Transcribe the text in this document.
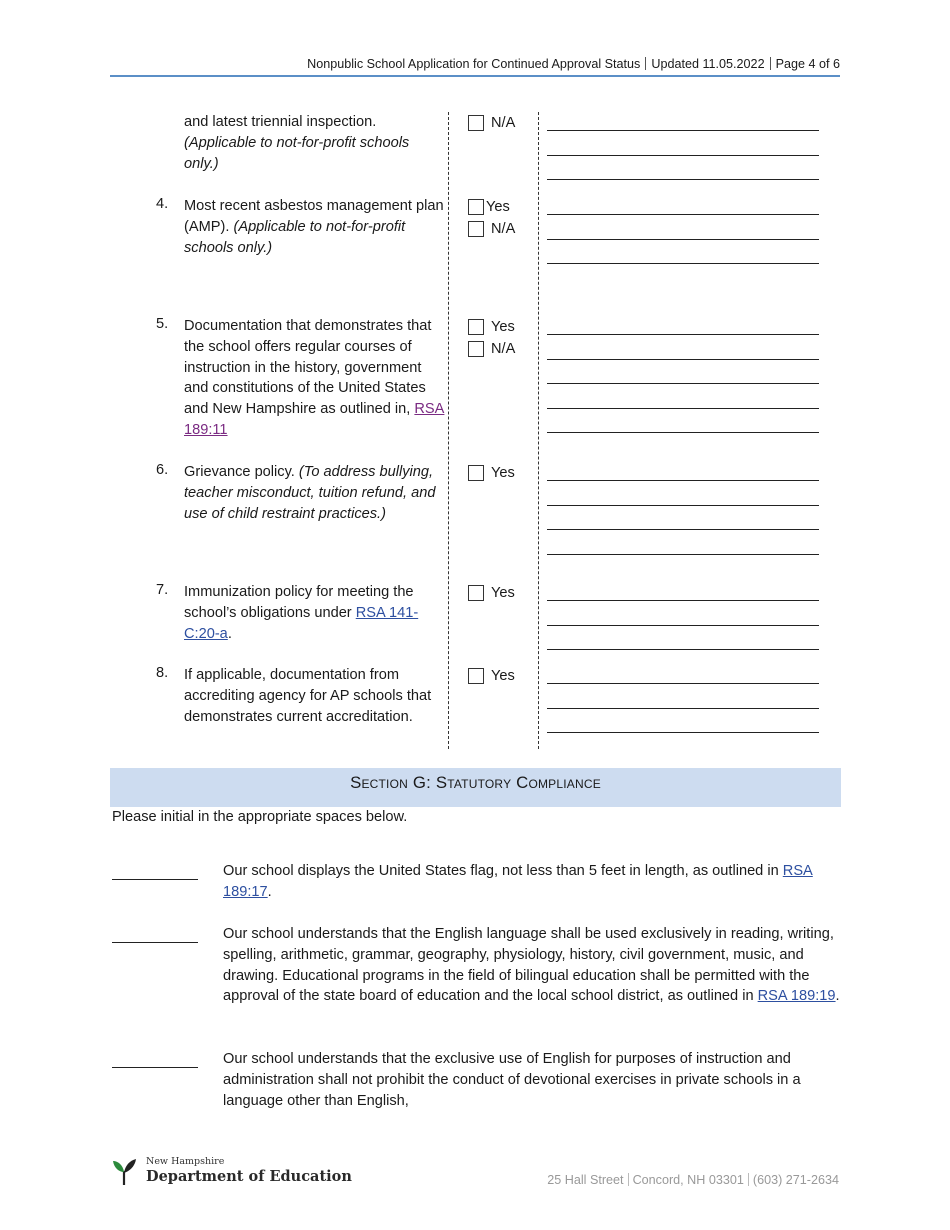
Nonpublic School Application for Continued Approval Status Updated 11.05.2022 Page 4 of 6
and latest triennial inspection. (Applicable to not-for-profit schools only.)
N/A
4. Most recent asbestos management plan (AMP). (Applicable to not-for-profit schools only.)
Yes
N/A
5. Documentation that demonstrates that the school offers regular courses of instruction in the history, government and constitutions of the United States and New Hampshire as outlined in, RSA 189:11
Yes
N/A
6. Grievance policy. (To address bullying, teacher misconduct, tuition refund, and use of child restraint practices.)
Yes
7. Immunization policy for meeting the school’s obligations under RSA 141-C:20-a.
Yes
8. If applicable, documentation from accrediting agency for AP schools that demonstrates current accreditation.
Yes
Section G: Statutory Compliance
Please initial in the appropriate spaces below.
Our school displays the United States flag, not less than 5 feet in length, as outlined in RSA 189:17.
Our school understands that the English language shall be used exclusively in reading, writing, spelling, arithmetic, grammar, geography, physiology, history, civil government, music, and drawing. Educational programs in the field of bilingual education shall be permitted with the approval of the state board of education and the local school district, as outlined in RSA 189:19.
Our school understands that the exclusive use of English for purposes of instruction and administration shall not prohibit the conduct of devotional exercises in private schools in a language other than English,
New Hampshire
Department of Education	25 Hall Street Concord, NH 03301 (603) 271-2634
